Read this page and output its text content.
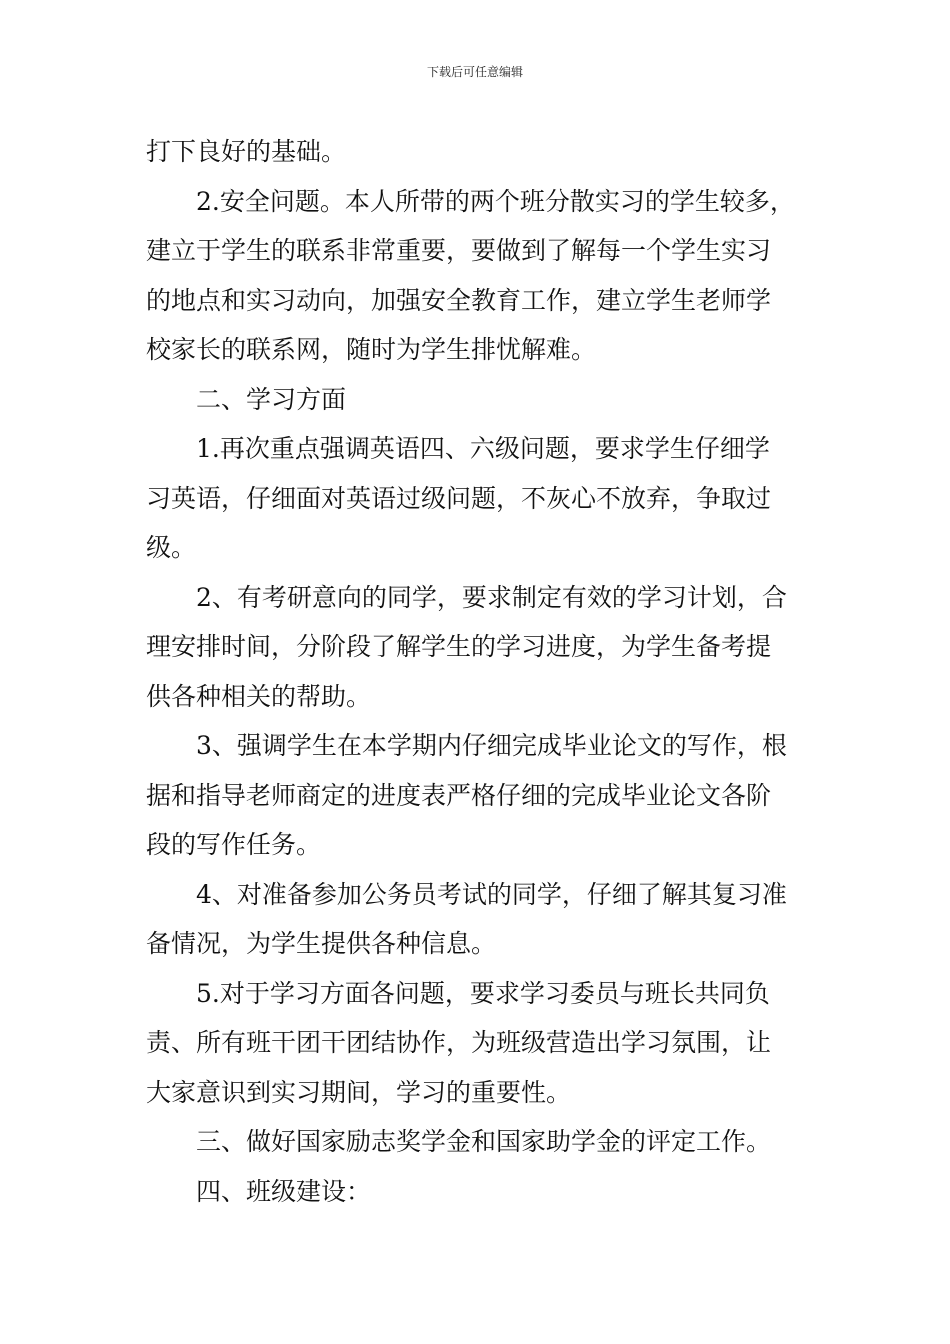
下载后可任意编辑

打下良好的基础。

2.安全问题。本人所带的两个班分散实习的学生较多，

建立于学生的联系非常重要，要做到了解每一个学生实习

的地点和实习动向，加强安全教育工作，建立学生老师学

校家长的联系网，随时为学生排忧解难。

二、学习方面

1.再次重点强调英语四、六级问题，要求学生仔细学

习英语，仔细面对英语过级问题，不灰心不放弃，争取过

级。

2、有考研意向的同学，要求制定有效的学习计划，合

理安排时间，分阶段了解学生的学习进度，为学生备考提

供各种相关的帮助。

3、强调学生在本学期内仔细完成毕业论文的写作，根

据和指导老师商定的进度表严格仔细的完成毕业论文各阶

段的写作任务。

4、对准备参加公务员考试的同学，仔细了解其复习准

备情况，为学生提供各种信息。

5.对于学习方面各问题，要求学习委员与班长共同负

责、所有班干团干团结协作，为班级营造出学习氛围，让

大家意识到实习期间，学习的重要性。

三、做好国家励志奖学金和国家助学金的评定工作。

四、班级建设：
